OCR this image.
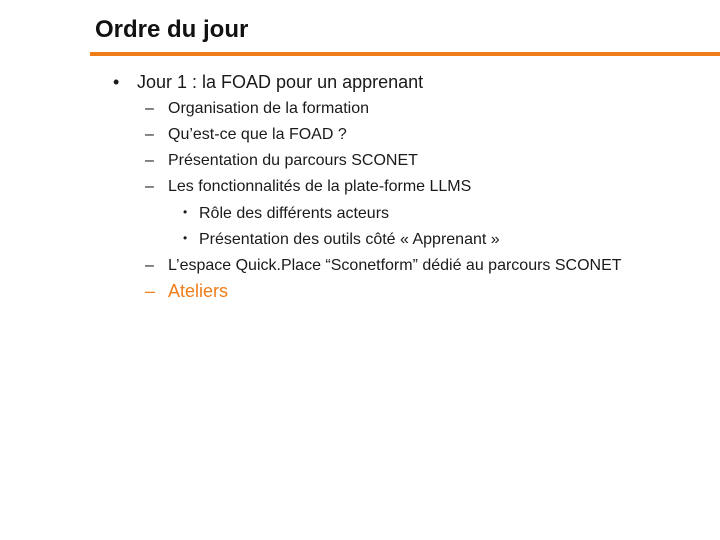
Ordre du jour
• Jour 1 : la FOAD pour un apprenant
– Organisation de la formation
– Qu’est-ce que la FOAD ?
– Présentation du parcours SCONET
– Les fonctionnalités de la plate-forme LLMS
• Rôle des différents acteurs
• Présentation des outils côté « Apprenant »
– L’espace Quick.Place “Sconetform” dédié au parcours SCONET
– Ateliers
